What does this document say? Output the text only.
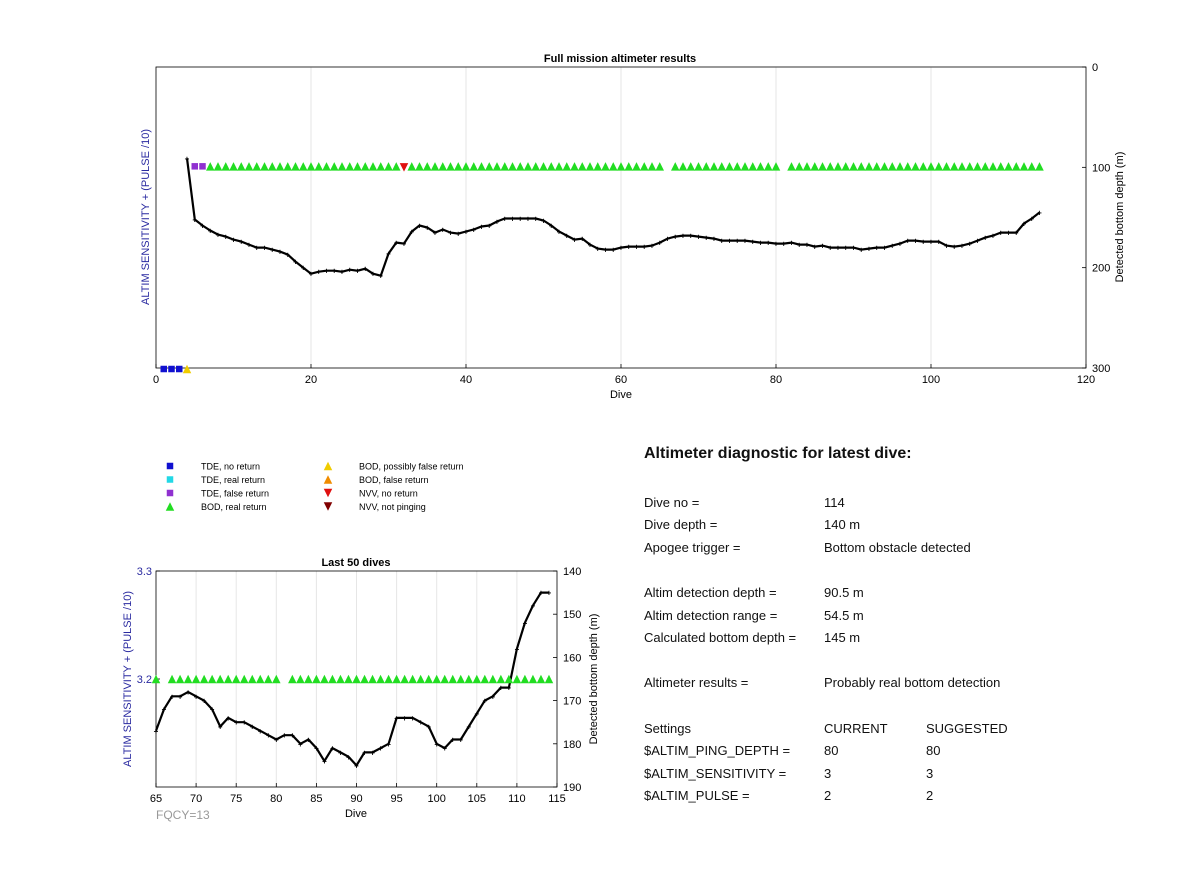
Full mission altimeter results
0	20	40	60	80	100	120
0
100
200
300
Dive
ALTIM SENSITIVITY + (PULSE /10)	Detected bottom depth (m)
+
+
+
+ + + + + + + + + + +
+
+
+ + + + + + + +
+ +
+
+ +
+
+ +
+ + + + + + + + + + + + + + +
+
+ + + +
+ + + + + + + + + + + + + + + + + + + + + + + + + + + + + + + + + + + + + + + + + + + + + + + + + + + + + + + +
+
+
+
TDE, no return
TDE, real return
TDE, false return
BOD, real return
BOD, possibly false return
BOD, false return
NVV, no return
NVV, not pinging
Last 50 dives
65	70	75	80	85	90	95 100 105 110 115
140
150
160
170
180
190
3.3
3.2
Dive
ALTIM SENSITIVITY + (PULSE /10)	Detected bottom depth (m)
FQCY=13
+
+
+ + + + +
+
+
+ + + + + + + + +
+ +
+
+
+ + +
+
+ + + +
+ + + + +
+ +
+ +
+
+
+ +
+ +
+
+
+
+ +
Altimeter diagnostic for latest dive:
Dive no =	114
Dive depth =	140 m
Apogee trigger =	Bottom obstacle detected
Altim detection depth =	90.5 m
Altim detection range =	54.5 m
Calculated bottom depth = 145 m
Altimeter results =	Probably real bottom detection
Settings	CURRENT	SUGGESTED
$ALTIM_PING_DEPTH =	80	80
$ALTIM_SENSITIVITY =	3	3
$ALTIM_PULSE =	2	2
